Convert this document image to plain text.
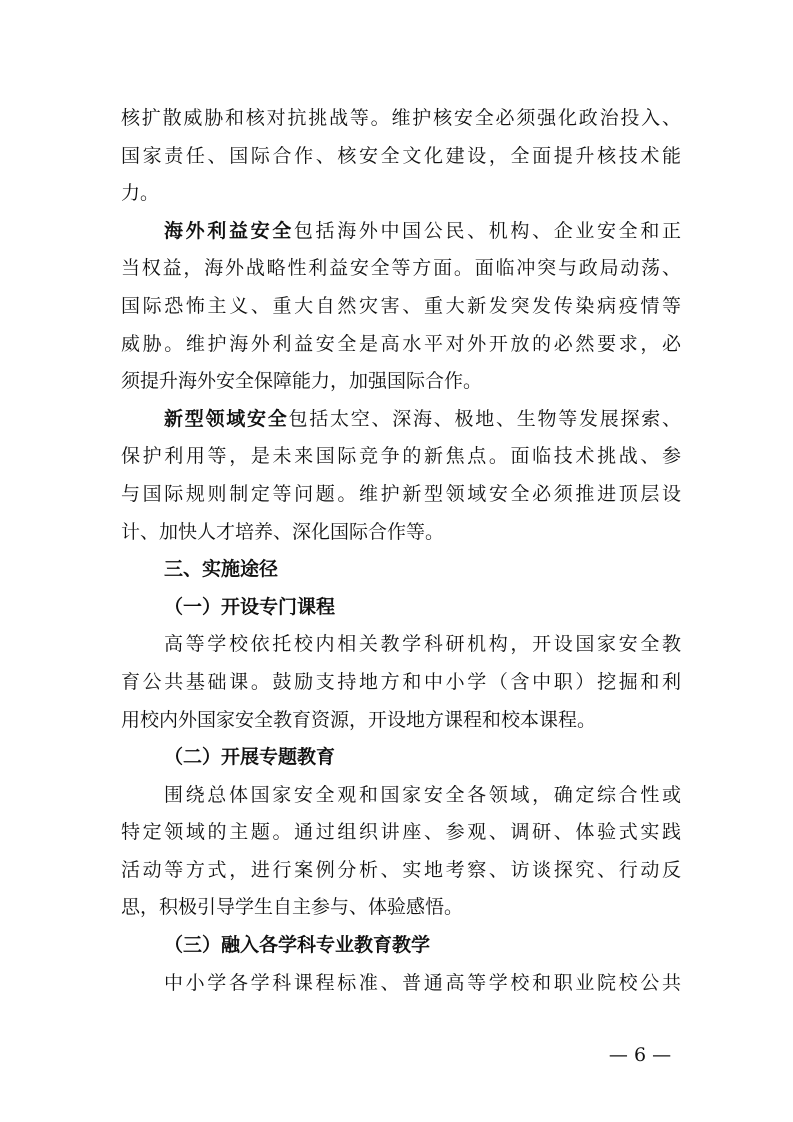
核扩散威胁和核对抗挑战等。维护核安全必须强化政治投入、
国家责任、国际合作、核安全文化建设，全面提升核技术能
力。
海外利益安全包括海外中国公民、机构、企业安全和正
当权益，海外战略性利益安全等方面。面临冲突与政局动荡、
国际恐怖主义、重大自然灾害、重大新发突发传染病疫情等
威胁。维护海外利益安全是高水平对外开放的必然要求，必
须提升海外安全保障能力，加强国际合作。
新型领域安全包括太空、深海、极地、生物等发展探索、
保护利用等，是未来国际竞争的新焦点。面临技术挑战、参
与国际规则制定等问题。维护新型领域安全必须推进顶层设
计、加快人才培养、深化国际合作等。
三、实施途径
（一）开设专门课程
高等学校依托校内相关教学科研机构，开设国家安全教
育公共基础课。鼓励支持地方和中小学（含中职）挖掘和利
用校内外国家安全教育资源，开设地方课程和校本课程。
（二）开展专题教育
围绕总体国家安全观和国家安全各领域，确定综合性或
特定领域的主题。通过组织讲座、参观、调研、体验式实践
活动等方式，进行案例分析、实地考察、访谈探究、行动反
思，积极引导学生自主参与、体验感悟。
（三）融入各学科专业教育教学
中小学各学科课程标准、普通高等学校和职业院校公共
— 6 —
